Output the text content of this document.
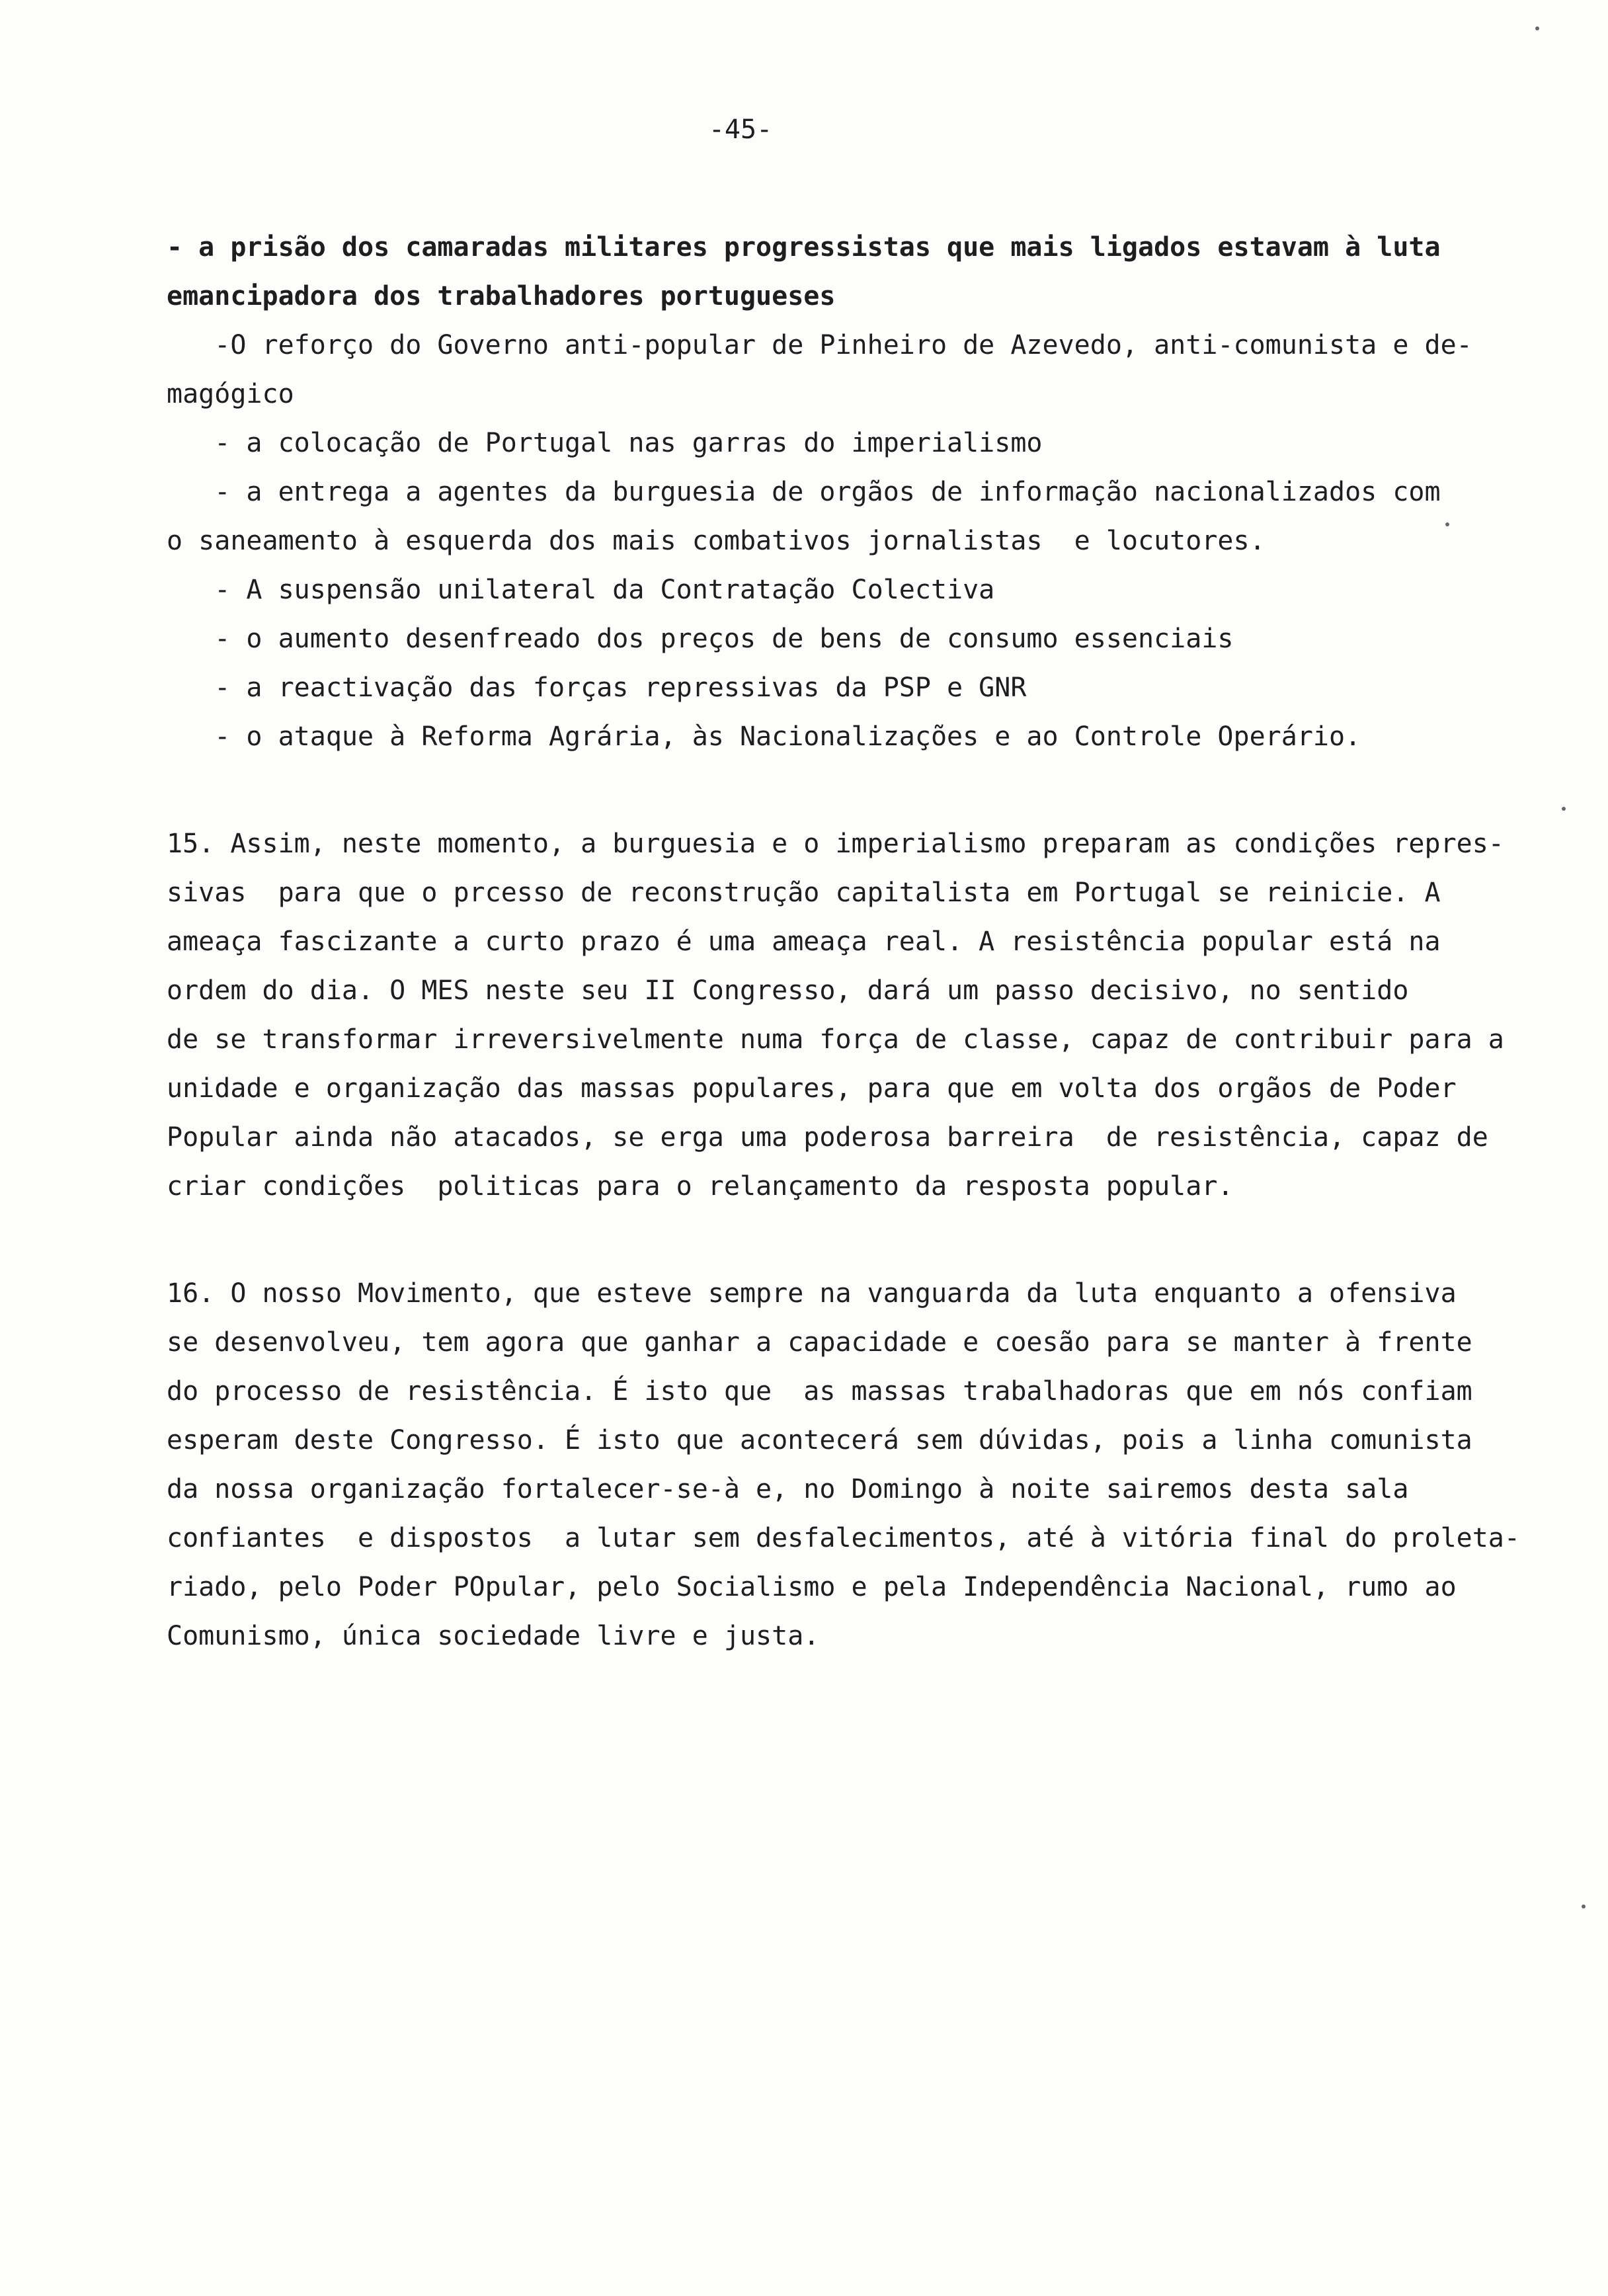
-45-
- a prisão dos camaradas militares progressistas que mais ligados estavam à luta
emancipadora dos trabalhadores portugueses
-O reforço do Governo anti-popular de Pinheiro de Azevedo, anti-comunista e de-
magógico
- a colocação de Portugal nas garras do imperialismo
- a entrega a agentes da burguesia de orgãos de informação nacionalizados com
o saneamento à esquerda dos mais combativos jornalistas  e locutores.
- A suspensão unilateral da Contratação Colectiva
- o aumento desenfreado dos preços de bens de consumo essenciais
- a reactivação das forças repressivas da PSP e GNR
- o ataque à Reforma Agrária, às Nacionalizações e ao Controle Operário.
15. Assim, neste momento, a burguesia e o imperialismo preparam as condições repres-
sivas  para que o prcesso de reconstrução capitalista em Portugal se reinicie. A
ameaça fascizante a curto prazo é uma ameaça real. A resistência popular está na
ordem do dia. O MES neste seu II Congresso, dará um passo decisivo, no sentido
de se transformar irreversivelmente numa força de classe, capaz de contribuir para a
unidade e organização das massas populares, para que em volta dos orgãos de Poder
Popular ainda não atacados, se erga uma poderosa barreira  de resistência, capaz de
criar condições  politicas para o relançamento da resposta popular.
16. O nosso Movimento, que esteve sempre na vanguarda da luta enquanto a ofensiva
se desenvolveu, tem agora que ganhar a capacidade e coesão para se manter à frente
do processo de resistência. É isto que  as massas trabalhadoras que em nós confiam
esperam deste Congresso. É isto que acontecerá sem dúvidas, pois a linha comunista
da nossa organização fortalecer-se-à e, no Domingo à noite sairemos desta sala
confiantes  e dispostos  a lutar sem desfalecimentos, até à vitória final do proleta-
riado, pelo Poder POpular, pelo Socialismo e pela Independência Nacional, rumo ao
Comunismo, única sociedade livre e justa.
